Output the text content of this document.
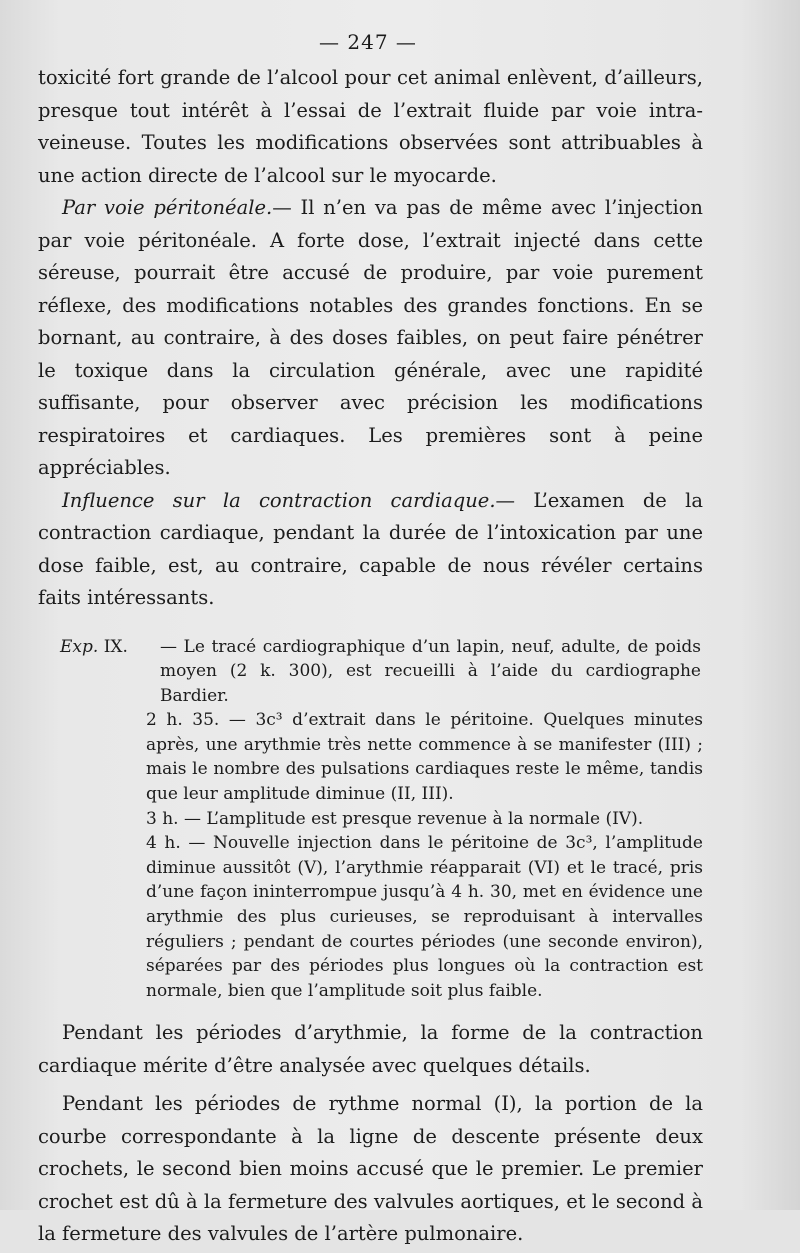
— 247 —

toxicité fort grande de l’alcool pour cet animal enlèvent, d’ailleurs, presque tout intérêt à l’essai de l’extrait fluide par voie intra-veineuse. Toutes les modifications observées sont attribuables à une action directe de l’alcool sur le myocarde.

Par voie péritonéale.— Il n’en va pas de même avec l’injection par voie péritonéale. A forte dose, l’extrait injecté dans cette séreuse, pourrait être accusé de produire, par voie purement réflexe, des modifications notables des grandes fonctions. En se bornant, au contraire, à des doses faibles, on peut faire pénétrer le toxique dans la circulation générale, avec une rapidité suffisante, pour observer avec précision les modifications respiratoires et cardiaques. Les premières sont à peine appréciables.

Influence sur la contraction cardiaque.— L’examen de la contraction cardiaque, pendant la durée de l’intoxication par une dose faible, est, au contraire, capable de nous révéler certains faits intéressants.

Exp. IX.	— Le tracé cardiographique d’un lapin, neuf, adulte, de poids moyen (2 k. 300), est recueilli à l’aide du cardiographe Bardier.
2 h. 35. — 3c³ d’extrait dans le péritoine. Quelques minutes après, une arythmie très nette commence à se manifester (III) ; mais le nombre des pulsations cardiaques reste le même, tandis que leur amplitude diminue (II, III).
3 h. — L’amplitude est presque revenue à la normale (IV).
4 h. — Nouvelle injection dans le péritoine de 3c³, l’amplitude diminue aussitôt (V), l’arythmie réapparait (VI) et le tracé, pris d’une façon ininterrompue jusqu’à 4 h. 30, met en évidence une arythmie des plus curieuses, se reproduisant à intervalles réguliers ; pendant de courtes périodes (une seconde environ), séparées par des périodes plus longues où la contraction est normale, bien que l’amplitude soit plus faible.

Pendant les périodes d’arythmie, la forme de la contraction cardiaque mérite d’être analysée avec quelques détails.

Pendant les périodes de rythme normal (I), la portion de la courbe correspondante à la ligne de descente présente deux crochets, le second bien moins accusé que le premier. Le premier crochet est dû à la fermeture des valvules aortiques, et le second à la fermeture des valvules de l’artère pulmonaire.
